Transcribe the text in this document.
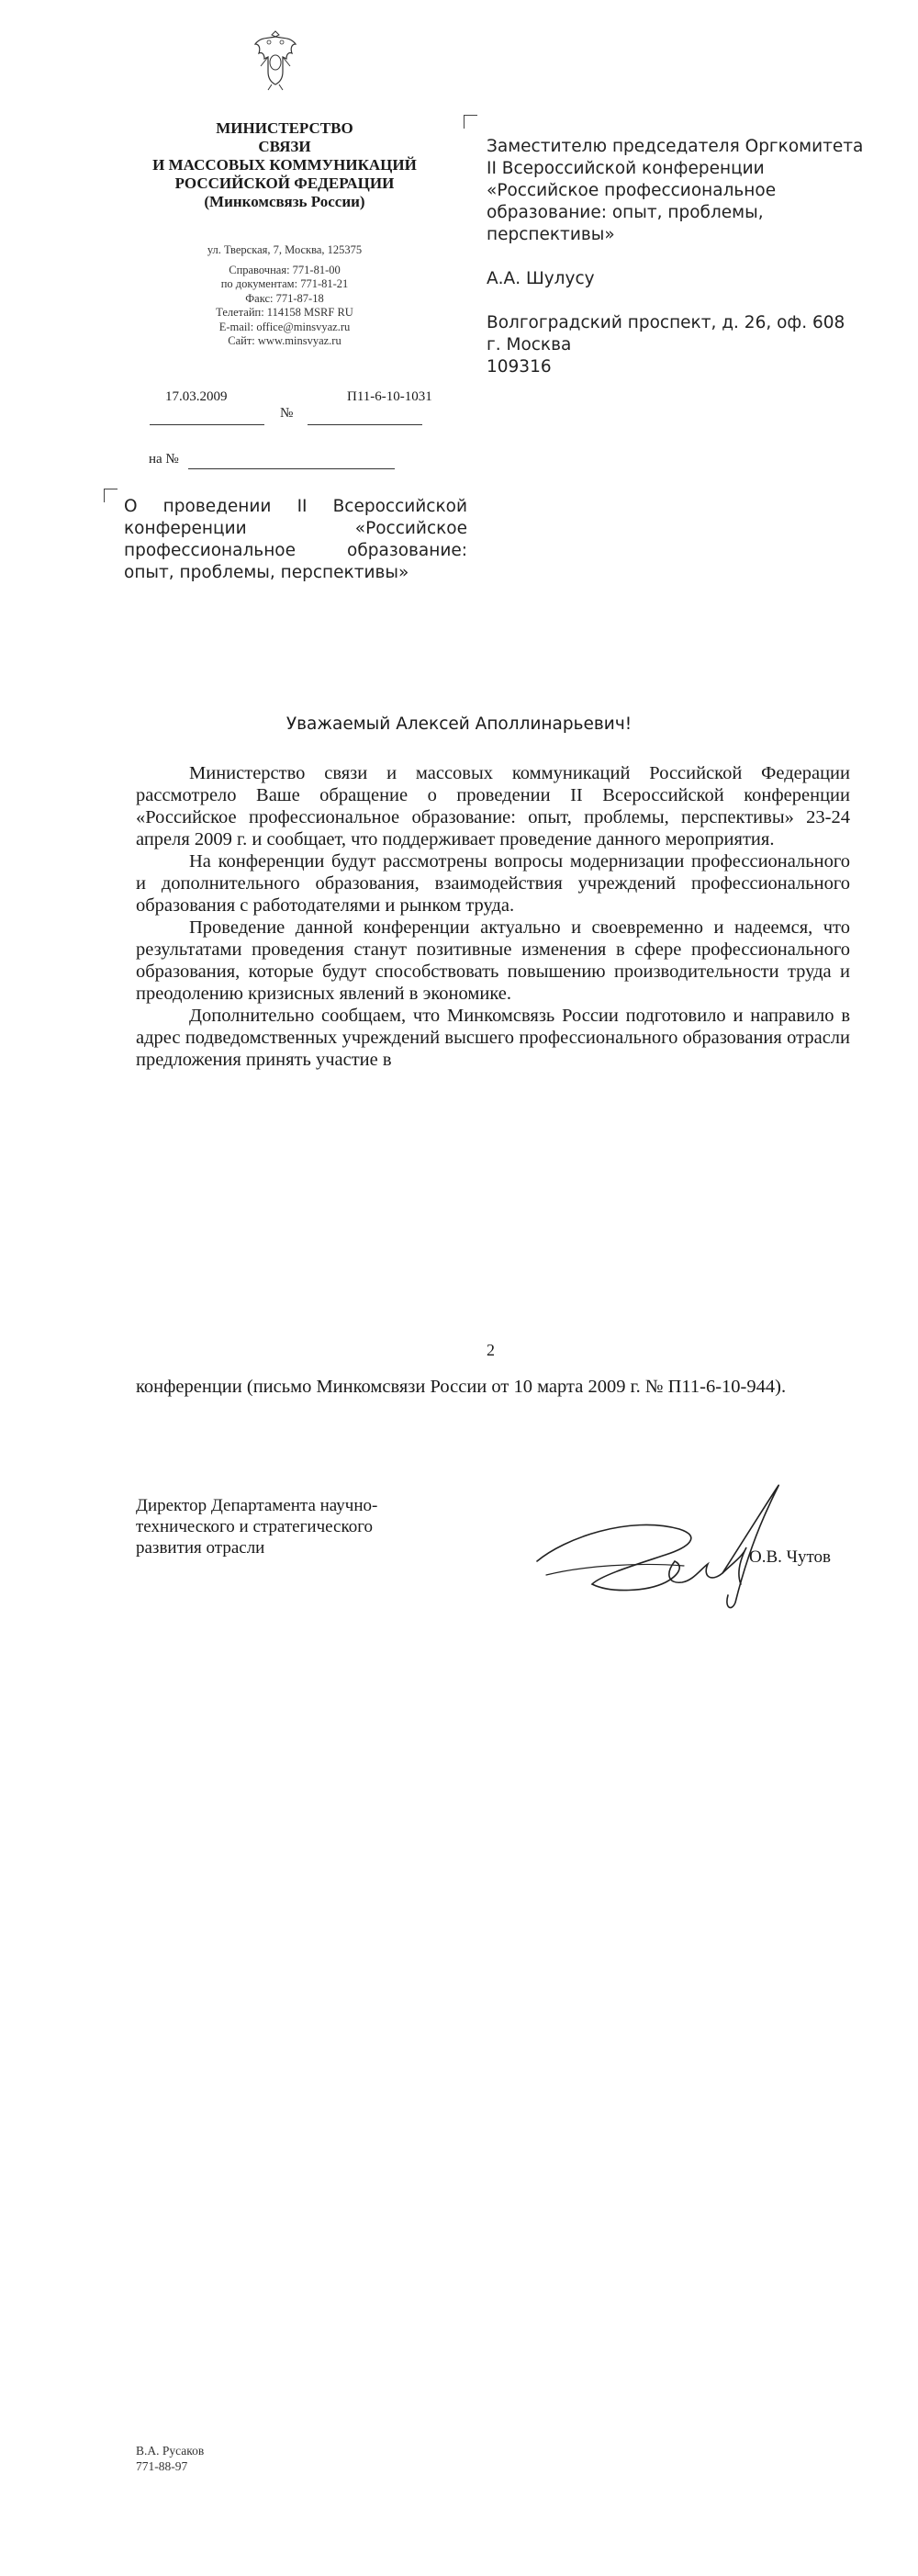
МИНИСТЕРСТВО
СВЯЗИ
И МАССОВЫХ КОММУНИКАЦИЙ
РОССИЙСКОЙ ФЕДЕРАЦИИ
(Минкомсвязь России)
ул. Тверская, 7, Москва, 125375
Справочная: 771-81-00
по документам: 771-81-21
Факс: 771-87-18
Телетайп: 114158 MSRF RU
E-mail: office@minsvyaz.ru
Сайт: www.minsvyaz.ru
17.03.2009
№
П11-6-10-1031
на №

Заместителю председателя Оргкомитета

II Всероссийской конференции

«Российское профессиональное

образование: опыт, проблемы,

перспективы»

А.А. Шулусу

Волгоградский проспект, д. 26, оф. 608

г. Москва

109316

О проведении II Всероссийской конференции «Российское профессиональное образование: опыт, проблемы, перспективы»
Уважаемый Алексей Аполлинарьевич!

Министерство связи и массовых коммуникаций Российской Федерации рассмотрело Ваше обращение о проведении II Всероссийской конференции «Российское профессиональное образование: опыт, проблемы, перспективы» 23-24 апреля 2009 г. и сообщает, что поддерживает проведение данного мероприятия.

На конференции будут рассмотрены вопросы модернизации профессионального и дополнительного образования, взаимодействия учреждений профессионального образования с работодателями и рынком труда.

Проведение данной конференции актуально и своевременно и надеемся, что результатами проведения станут позитивные изменения в сфере профессионального образования, которые будут способствовать повышению производительности труда и преодолению кризисных явлений в экономике.

Дополнительно сообщаем, что Минкомсвязь России подготовило и направило в адрес подведомственных учреждений высшего профессионального образования отрасли предложения принять участие в

2

конференции (письмо Минкомсвязи России от 10 марта 2009 г. № П11-6-10-944).

Директор Департамента научно-
технического и стратегического
развития отрасли	О.В. Чутов
В.А. Русаков
771-88-97
